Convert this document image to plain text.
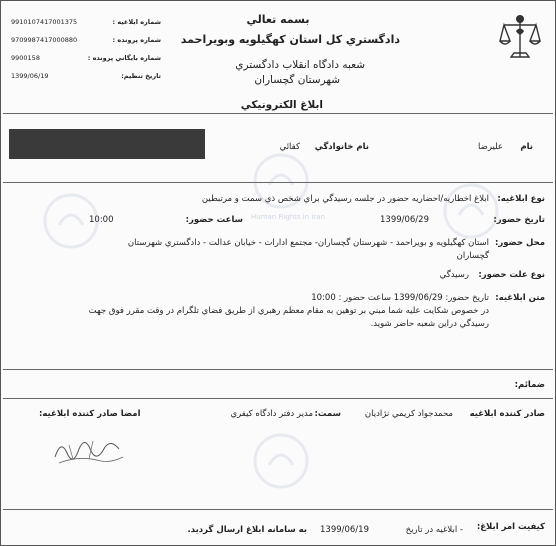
بسمه تعالي
دادگستري كل استان كهگيلويه وبويراحمد
شعبه دادگاه انقلاب دادگستري
شهرستان گچساران
ابلاغ الكترونيكي
شماره ابلاغيه :
9910107417001375
شماره پرونده :
9709987417000880
شماره بايگاني پرونده :
9900158
تاريخ تنظيم:
1399/06/19
نام
عليرضا
نام خانوادگي
كفائي
نوع ابلاغيه:
ابلاغ اخطاريه/احضاريه حضور در جلسه رسيدگي براي شخص ذي سمت و مرتبطين
تاريخ حضور:
1399/06/29
ساعت حضور:
10:00
محل حضور:
استان كهگيلويه و بويراحمد - شهرستان گچساران- مجتمع ادارات - خيابان عدالت - دادگستري شهرستان
گچساران
نوع علت حضور:
رسيدگي
متن ابلاغيه:
تاريخ حضور: 1399/06/29 ساعت حضور : 10:00
در خصوص شكايت عليه شما مبني بر توهين به مقام معظم رهبري از طريق فضاي تلگرام در وقت مقرر فوق جهت
رسيدگي دراين شعبه حاضر شويد.
ضمائم:
صادر كننده ابلاغيه
محمدجواد كريمي نژاديان
سمت:
مدير دفتر دادگاه كيفري
امضا صادر كننده ابلاغيه:
كيفيت امر ابلاغ:
- ابلاغيه در تاريخ
1399/06/19
به سامانه ابلاغ ارسال گرديد.
Human Rights in Iran
